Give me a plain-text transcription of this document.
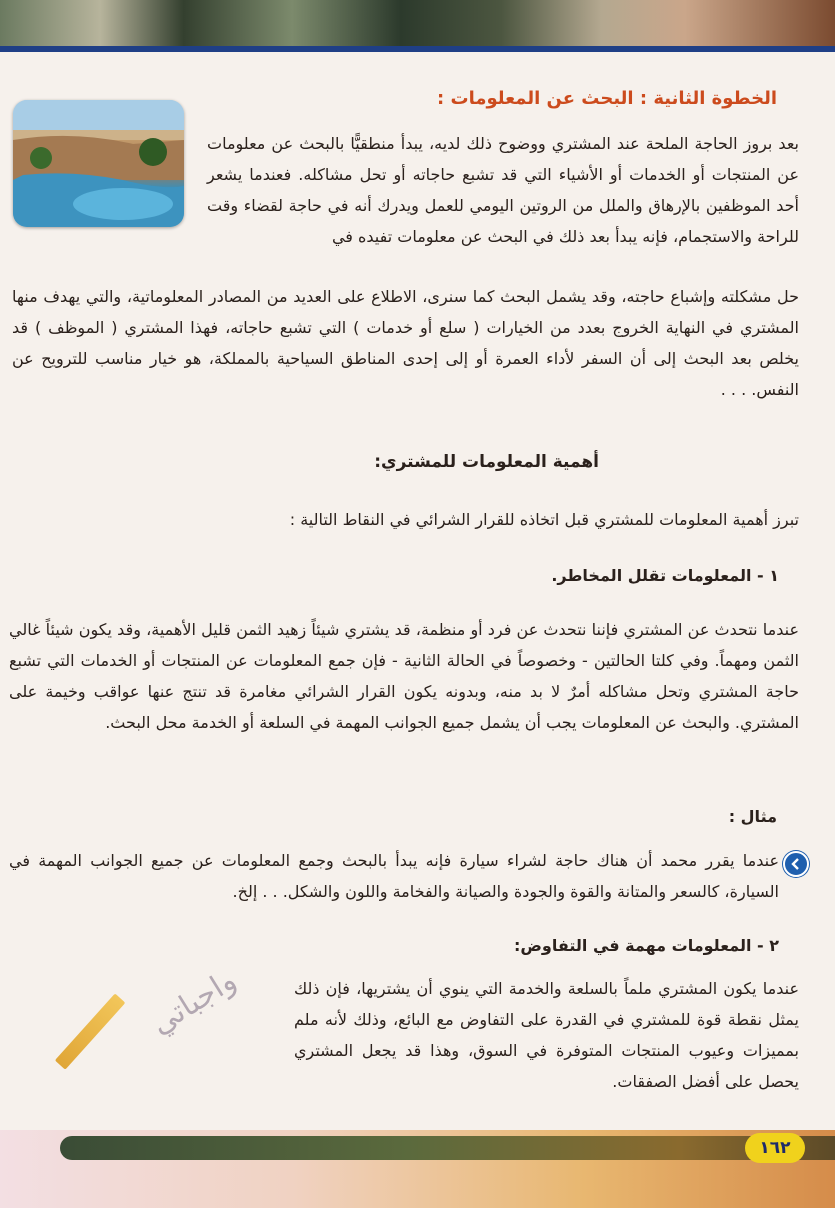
الخطوة الثانية : البحث عن المعلومات :
بعد بروز الحاجة الملحة عند المشتري ووضوح ذلك لديه، يبدأ منطقيًّا بالبحث عن معلومات عن المنتجات أو الخدمات أو الأشياء التي قد تشبع حاجاته أو تحل مشاكله. فعندما يشعر أحد الموظفين بالإرهاق والملل من الروتين اليومي للعمل ويدرك أنه في حاجة لقضاء وقت للراحة والاستجمام، فإنه يبدأ بعد ذلك في البحث عن معلومات تفيده في
حل مشكلته وإشباع حاجته، وقد يشمل البحث كما سنرى، الاطلاع على العديد من المصادر المعلوماتية، والتي يهدف منها المشتري في النهاية الخروج بعدد من الخيارات ( سلع أو خدمات ) التي تشبع حاجاته، فهذا المشتري ( الموظف ) قد يخلص بعد البحث إلى أن السفر لأداء العمرة أو إلى إحدى المناطق السياحية بالمملكة، هو خيار مناسب للترويح عن النفس. . . .
أهمية المعلومات للمشتري:
تبرز أهمية المعلومات للمشتري قبل اتخاذه للقرار الشرائي في النقاط التالية :
١ - المعلومات تقلل المخاطر.
عندما نتحدث عن المشتري فإننا نتحدث عن فرد أو منظمة، قد يشتري شيئاً زهيد الثمن قليل الأهمية، وقد يكون شيئاً غالي الثمن ومهماً. وفي كلتا الحالتين - وخصوصاً في الحالة الثانية - فإن جمع المعلومات عن المنتجات أو الخدمات التي تشبع حاجة المشتري وتحل مشاكله أمرٌ لا بد منه، وبدونه يكون القرار الشرائي مغامرة قد تنتج عنها عواقب وخيمة على المشتري. والبحث عن المعلومات يجب أن يشمل جميع الجوانب المهمة في السلعة أو الخدمة محل البحث.
مثال :
عندما يقرر محمد أن هناك حاجة لشراء سيارة فإنه يبدأ بالبحث وجمع المعلومات عن جميع الجوانب المهمة في السيارة، كالسعر والمتانة والقوة والجودة والصيانة والفخامة واللون والشكل. . . إلخ.
٢ - المعلومات مهمة في التفاوض:
عندما يكون المشتري ملماً بالسلعة والخدمة التي ينوي أن يشتريها، فإن ذلك يمثل نقطة قوة للمشتري في القدرة على التفاوض مع البائع، وذلك لأنه ملم بمميزات وعيوب المنتجات المتوفرة في السوق، وهذا قد يجعل المشتري يحصل على أفضل الصفقات.
واجباتي
١٦٢
